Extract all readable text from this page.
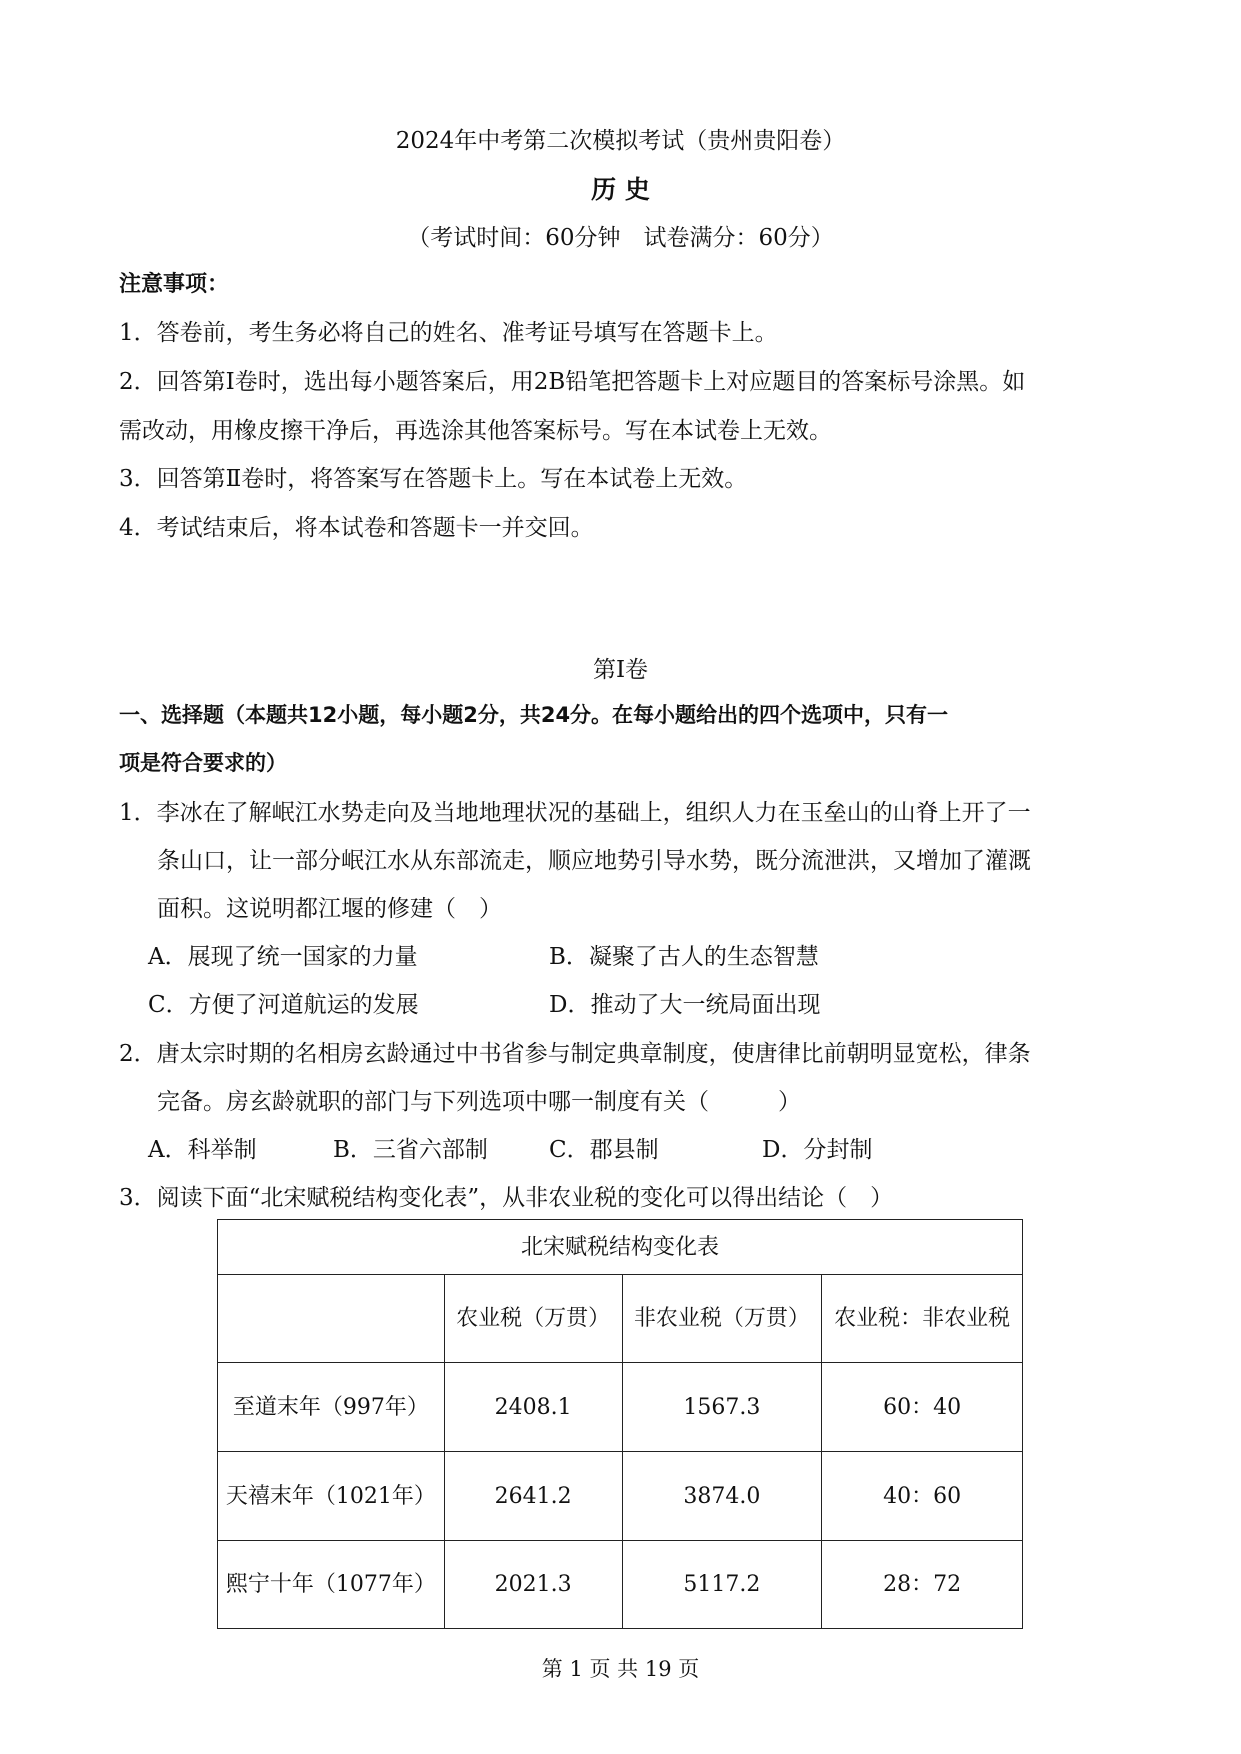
2024年中考第二次模拟考试（贵州贵阳卷）
历 史
（考试时间：60分钟　试卷满分：60分）
注意事项：
1．答卷前，考生务必将自己的姓名、准考证号填写在答题卡上。
2．回答第Ⅰ卷时，选出每小题答案后，用2B铅笔把答题卡上对应题目的答案标号涂黑。如
需改动，用橡皮擦干净后，再选涂其他答案标号。写在本试卷上无效。
3．回答第Ⅱ卷时，将答案写在答题卡上。写在本试卷上无效。
4．考试结束后，将本试卷和答题卡一并交回。
第Ⅰ卷
一、选择题（本题共12小题，每小题2分，共24分。在每小题给出的四个选项中，只有一
项是符合要求的）
1．李冰在了解岷江水势走向及当地地理状况的基础上，组织人力在玉垒山的山脊上开了一
条山口，让一部分岷江水从东部流走，顺应地势引导水势，既分流泄洪，又增加了灌溉
面积。这说明都江堰的修建（　）
A．展现了统一国家的力量	B．凝聚了古人的生态智慧
C．方便了河道航运的发展	D．推动了大一统局面出现
2．唐太宗时期的名相房玄龄通过中书省参与制定典章制度，使唐律比前朝明显宽松，律条
完备。房玄龄就职的部门与下列选项中哪一制度有关（　　　）
A．科举制	B．三省六部制	C．郡县制	D．分封制
3．阅读下面“北宋赋税结构变化表”，从非农业税的变化可以得出结论（　）
北宋赋税结构变化表			
	农业税（万贯）	非农业税（万贯）	农业税：非农业税
至道末年（997年）	2408.1	1567.3	60：40
天禧末年（1021年）	2641.2	3874.0	40：60
熙宁十年（1077年）	2021.3	5117.2	28：72
第 1 页 共 19 页
